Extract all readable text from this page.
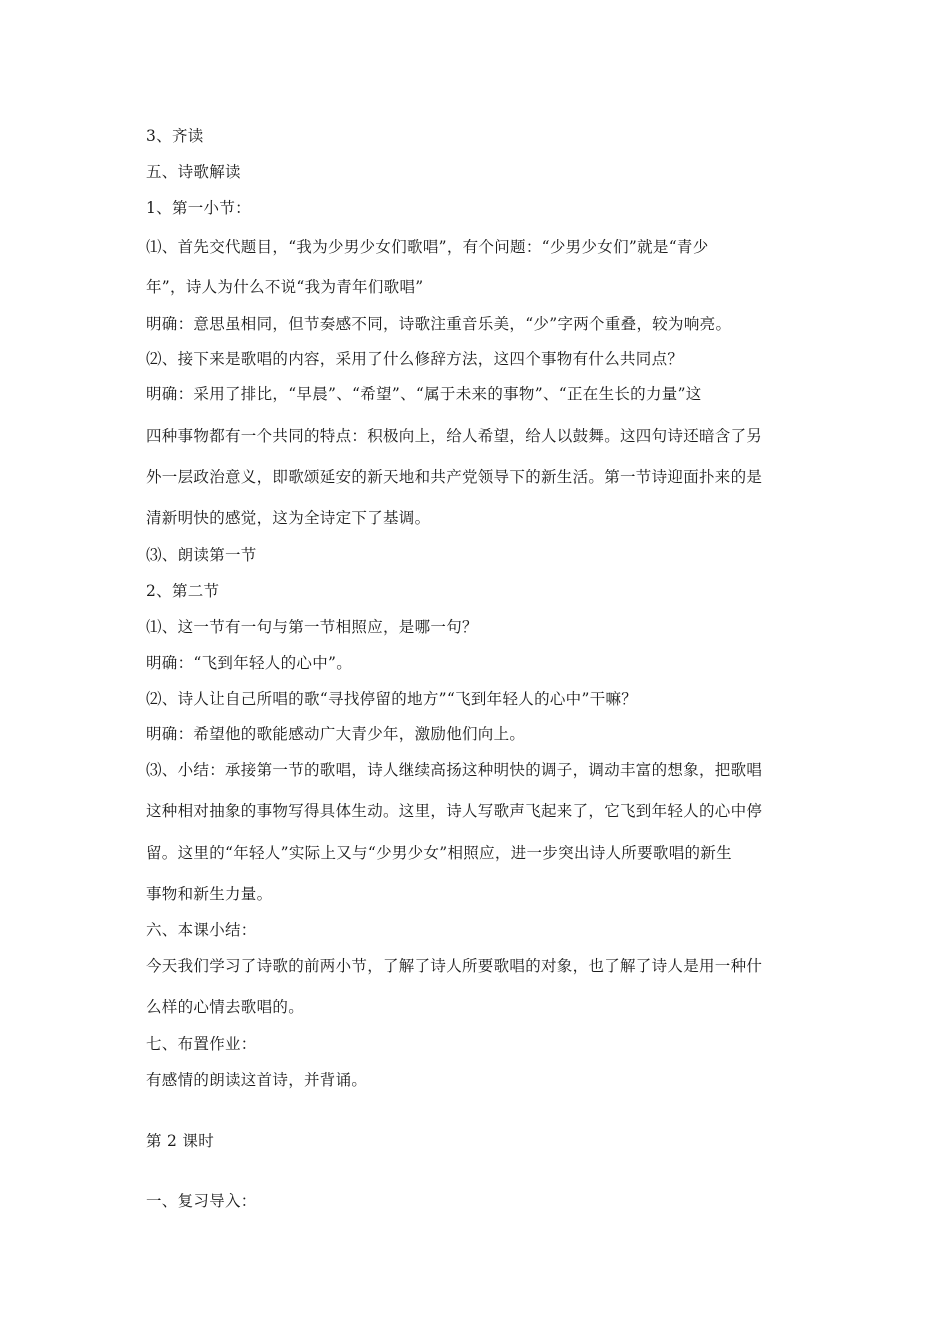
3、齐读
五、诗歌解读
1、第一小节：
⑴、首先交代题目，“我为少男少女们歌唱”，有个问题：“少男少女们”就是“青少
年”，诗人为什么不说“我为青年们歌唱”
明确：意思虽相同，但节奏感不同，诗歌注重音乐美，“少”字两个重叠，较为响亮。
⑵、接下来是歌唱的内容，采用了什么修辞方法，这四个事物有什么共同点？
明确：采用了排比，“早晨”、“希望”、“属于未来的事物”、“正在生长的力量”这
四种事物都有一个共同的特点：积极向上，给人希望，给人以鼓舞。这四句诗还暗含了另
外一层政治意义，即歌颂延安的新天地和共产党领导下的新生活。第一节诗迎面扑来的是
清新明快的感觉，这为全诗定下了基调。
⑶、朗读第一节
2、第二节
⑴、这一节有一句与第一节相照应，是哪一句？
明确：“飞到年轻人的心中”。
⑵、诗人让自己所唱的歌“寻找停留的地方”“飞到年轻人的心中”干嘛？
明确：希望他的歌能感动广大青少年，激励他们向上。
⑶、小结：承接第一节的歌唱，诗人继续高扬这种明快的调子，调动丰富的想象，把歌唱
这种相对抽象的事物写得具体生动。这里，诗人写歌声飞起来了，它飞到年轻人的心中停
留。这里的“年轻人”实际上又与“少男少女”相照应，进一步突出诗人所要歌唱的新生
事物和新生力量。
六、本课小结：
今天我们学习了诗歌的前两小节，了解了诗人所要歌唱的对象，也了解了诗人是用一种什
么样的心情去歌唱的。
七、布置作业：
有感情的朗读这首诗，并背诵。
第 2 课时
一、复习导入：
